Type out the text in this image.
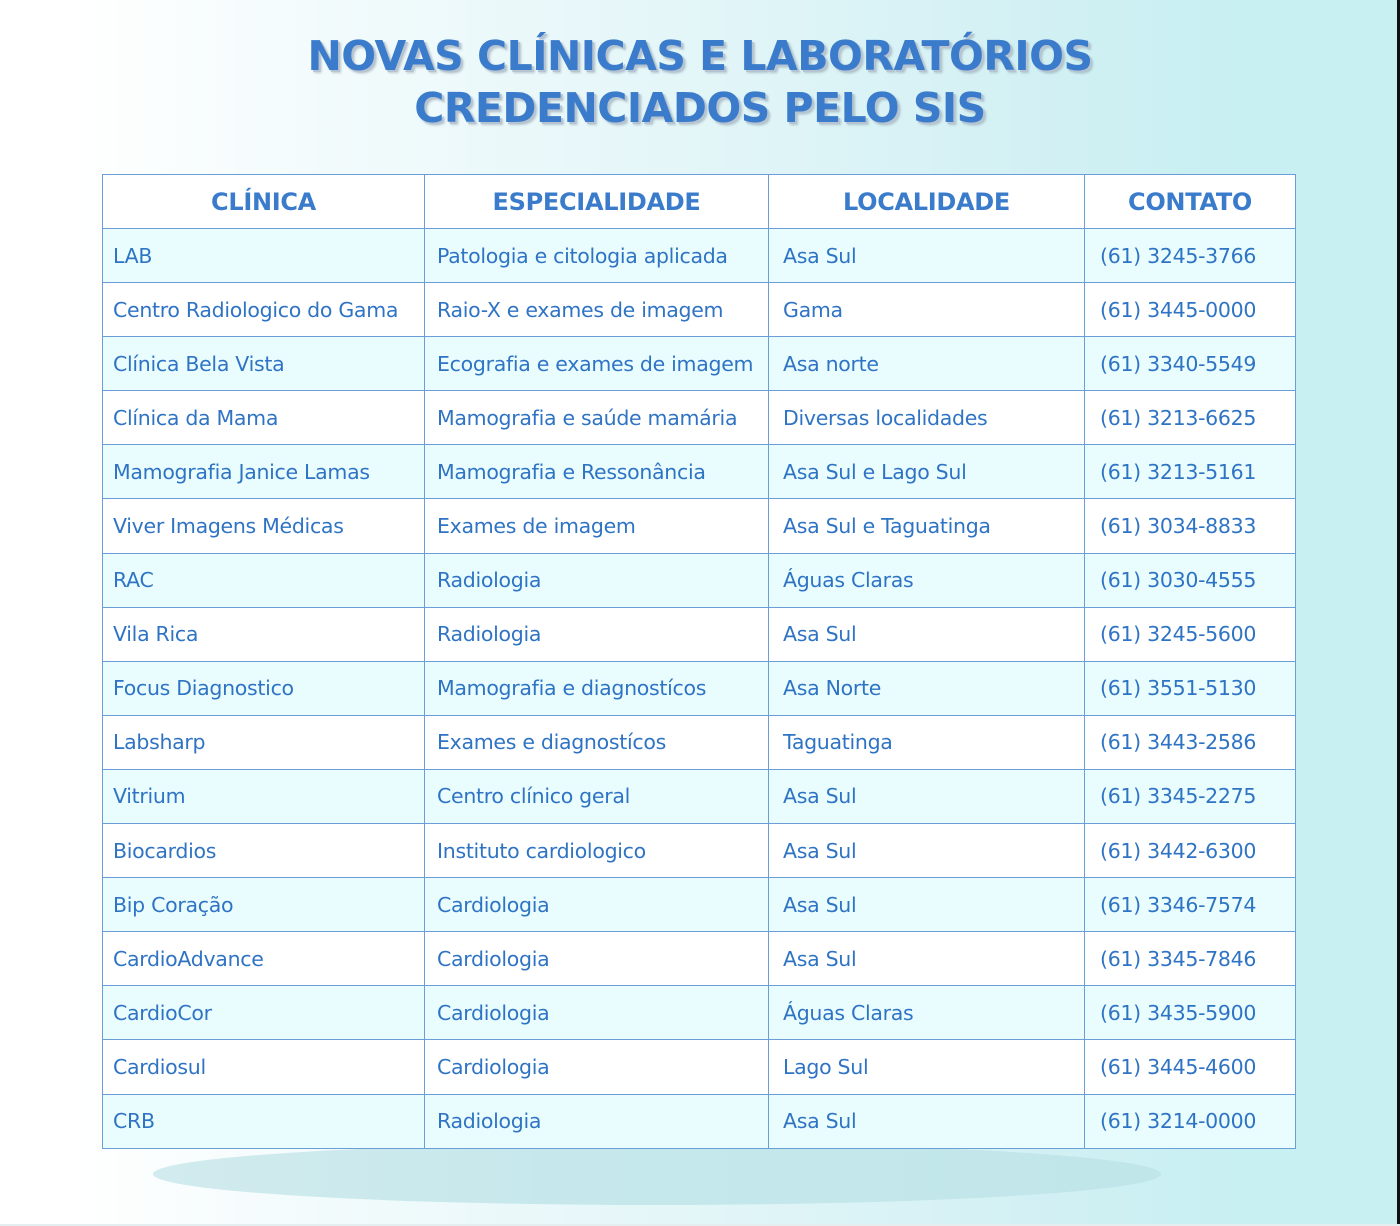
NOVAS CLÍNICAS E LABORATÓRIOS
CREDENCIADOS PELO SIS
CLÍNICA	ESPECIALIDADE	LOCALIDADE	CONTATO
LAB	Patologia e citologia aplicada	Asa Sul	(61) 3245-3766
Centro Radiologico do Gama	Raio-X e exames de imagem	Gama	(61) 3445-0000
Clínica Bela Vista	Ecografia e exames de imagem	Asa norte	(61) 3340-5549
Clínica da Mama	Mamografia e saúde mamária	Diversas localidades	(61) 3213-6625
Mamografia Janice Lamas	Mamografia e Ressonância	Asa Sul e Lago Sul	(61) 3213-5161
Viver Imagens Médicas	Exames de imagem	Asa Sul e Taguatinga	(61) 3034-8833
RAC	Radiologia	Águas Claras	(61) 3030-4555
Vila Rica	Radiologia	Asa Sul	(61) 3245-5600
Focus Diagnostico	Mamografia e diagnostícos	Asa Norte	(61) 3551-5130
Labsharp	Exames e diagnostícos	Taguatinga	(61) 3443-2586
Vitrium	Centro clínico geral	Asa Sul	(61) 3345-2275
Biocardios	Instituto cardiologico	Asa Sul	(61) 3442-6300
Bip Coração	Cardiologia	Asa Sul	(61) 3346-7574
CardioAdvance	Cardiologia	Asa Sul	(61) 3345-7846
CardioCor	Cardiologia	Águas Claras	(61) 3435-5900
Cardiosul	Cardiologia	Lago Sul	(61) 3445-4600
CRB	Radiologia	Asa Sul	(61) 3214-0000
